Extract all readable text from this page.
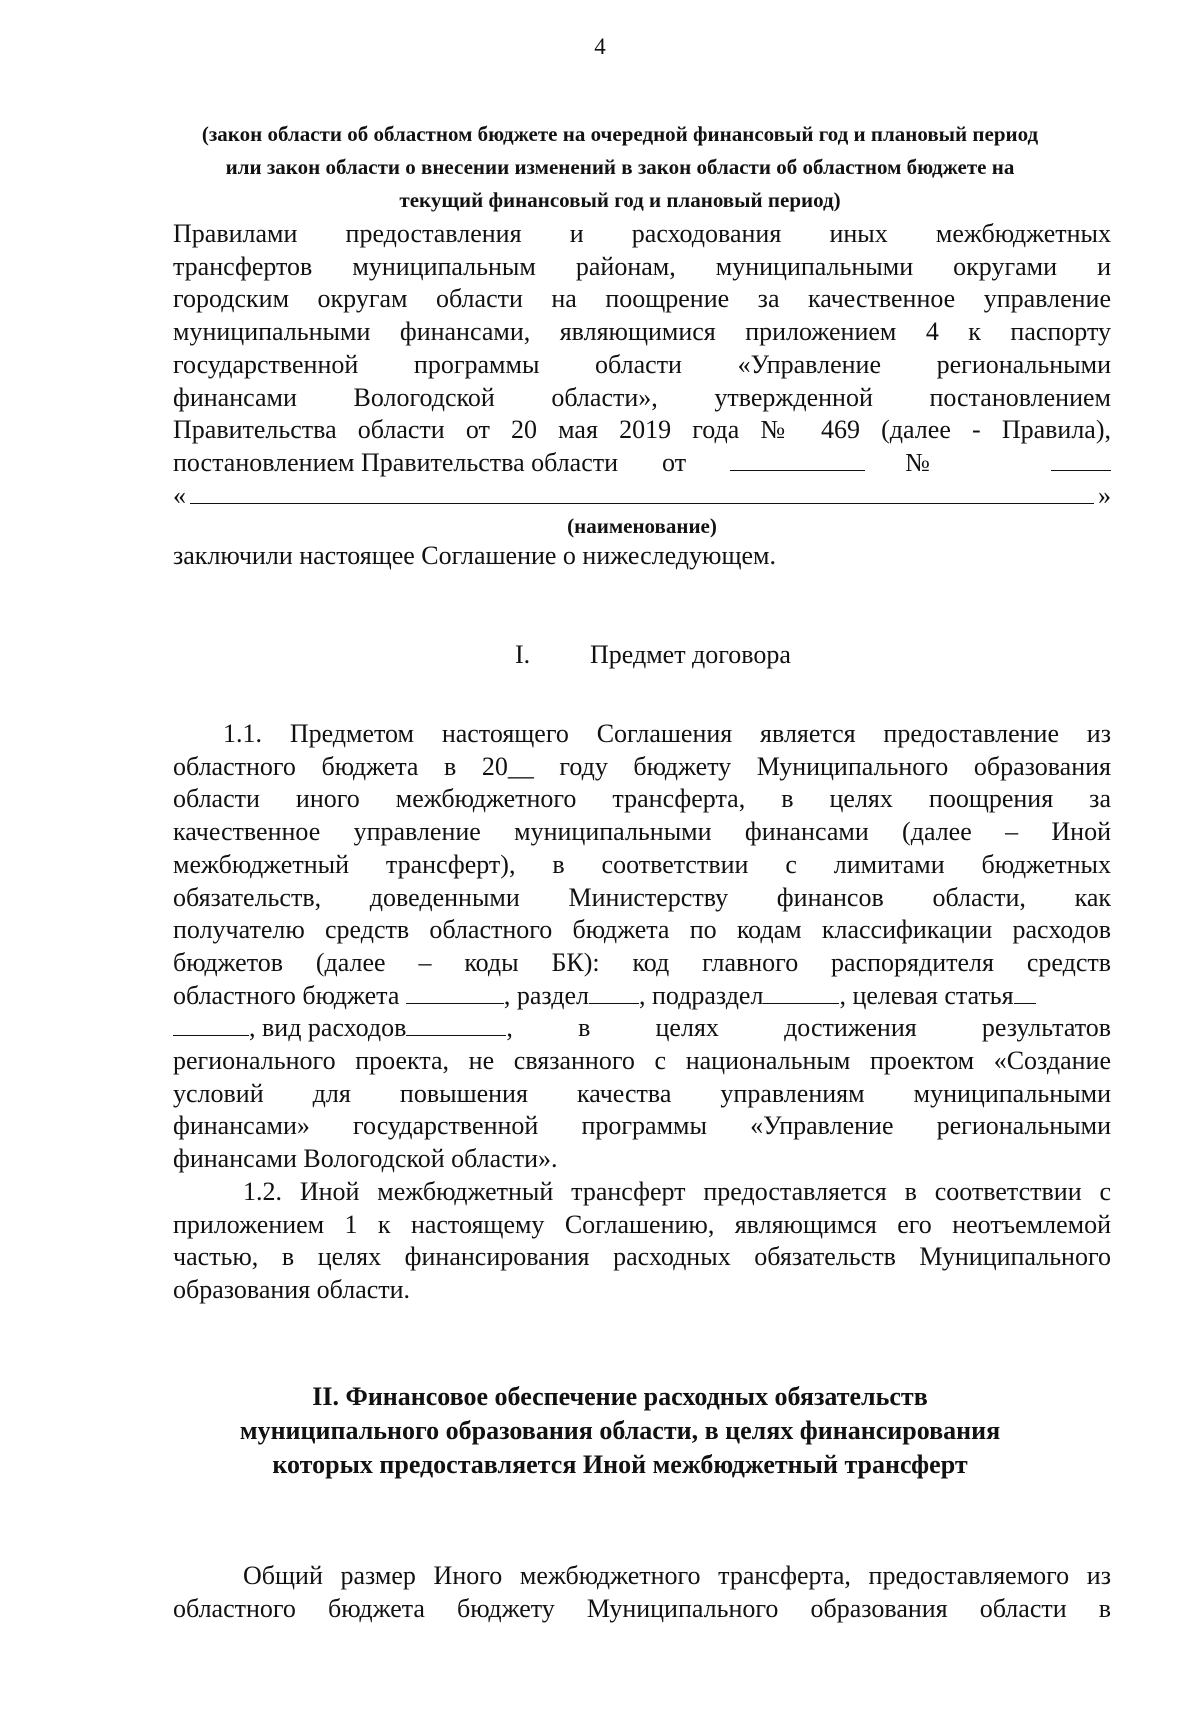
4
(закон области об областном бюджете на очередной финансовый год и плановый период
или закон области о внесении изменений в закон области об областном бюджете на
текущий финансовый год и плановый период)
Правилами предоставления и расходования иных межбюджетных
трансфертов муниципальным районам, муниципальными округами и
городским округам области на поощрение за качественное управление
муниципальными финансами, являющимися приложением 4 к паспорту
государственной программы области «Управление региональными
финансами Вологодской области», утвержденной постановлением
Правительства области от 20 мая 2019 года № 469 (далее - Правила),
постановлением Правительства области от	№
«	»
(наименование)
заключили настоящее Соглашение о нижеследующем.
I. Предмет договора
1.1. Предметом настоящего Соглашения является предоставление из
областного бюджета в 20__ году бюджету Муниципального образования
области иного межбюджетного трансферта, в целях поощрения за
качественное управление муниципальными финансами (далее – Иной
межбюджетный трансферт), в соответствии с лимитами бюджетных
обязательств, доведенными Министерству финансов области, как
получателю средств областного бюджета по кодам классификации расходов
бюджетов (далее – коды БК): код главного распорядителя средств
областного бюджета	, раздел , подраздел	, целевая статья
, вид расходов	,	в	целях	достижения	результатов
регионального проекта, не связанного с национальным проектом «Создание
условий для повышения качества управлениям муниципальными
финансами» государственной программы «Управление региональными
финансами Вологодской области».
1.2. Иной межбюджетный трансферт предоставляется в соответствии с
приложением 1 к настоящему Соглашению, являющимся его неотъемлемой
частью, в целях финансирования расходных обязательств Муниципального
образования области.
II. Финансовое обеспечение расходных обязательств
муниципального образования области, в целях финансирования
которых предоставляется Иной межбюджетный трансферт
Общий размер Иного межбюджетного трансферта, предоставляемого из
областного бюджета бюджету Муниципального образования области в
